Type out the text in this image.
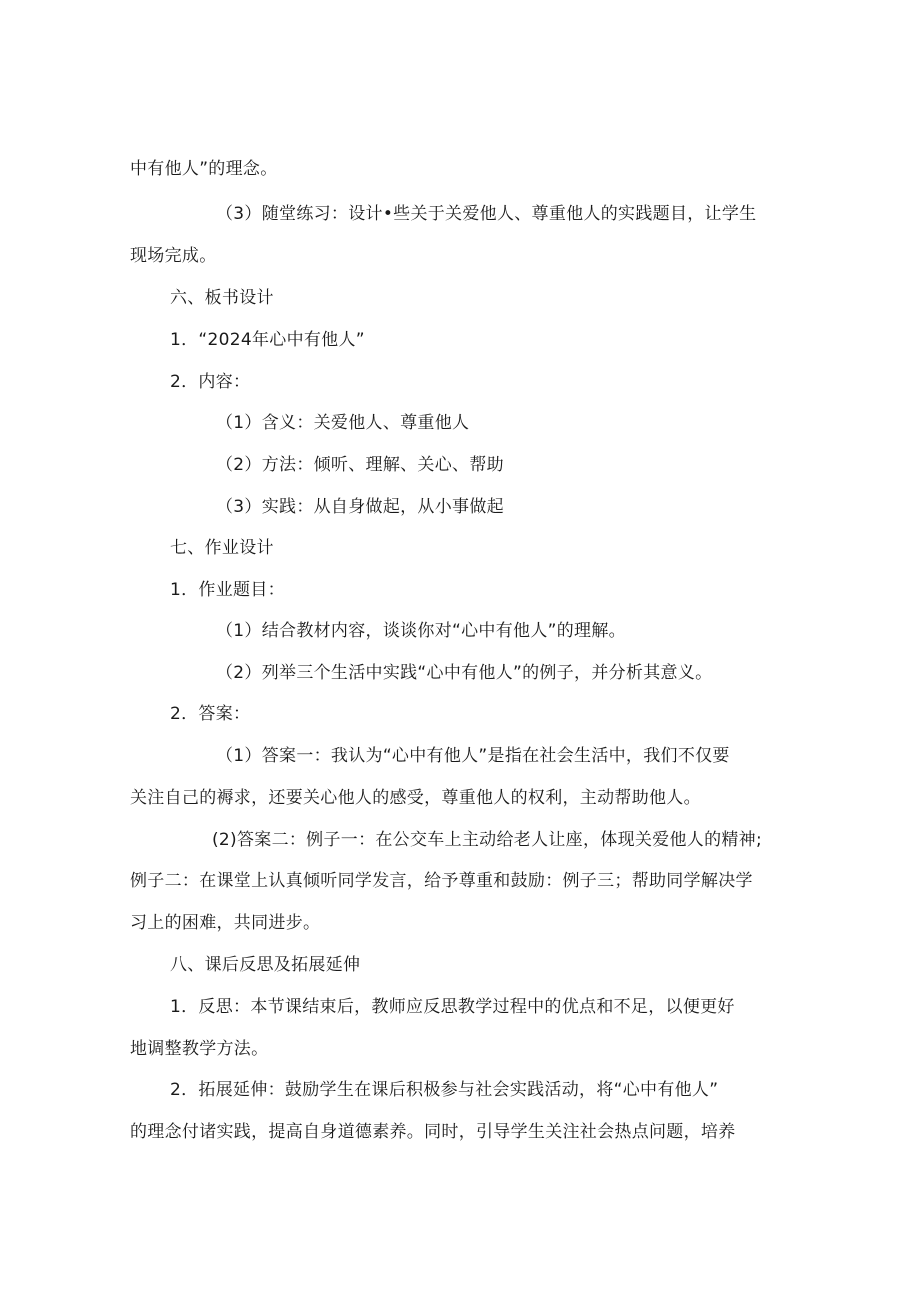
中有他人”的理念。
（3）随堂练习：设计•些关于关爱他人、尊重他人的实践题目，让学生
现场完成。
六、板书设计
1．“2024年心中有他人”
2．内容：
（1）含义：关爱他人、尊重他人
（2）方法：倾听、理解、关心、帮助
（3）实践：从自身做起，从小事做起
七、作业设计
1．作业题目：
（1）结合教材内容，谈谈你对“心中有他人”的理解。
（2）列举三个生活中实践“心中有他人”的例子，并分析其意义。
2．答案：
（1）答案一：我认为“心中有他人”是指在社会生活中，我们不仅要
关注自己的褥求，还要关心他人的感受，尊重他人的权利，主动帮助他人。
(2)答案二：例子一：在公交车上主动给老人让座，体现关爱他人的精神;
例子二：在课堂上认真倾听同学发言，给予尊重和鼓励：例子三；帮助同学解决学
习上的困难，共同进步。
八、课后反思及拓展延伸
1．反思：本节课结束后，教师应反思教学过程中的优点和不足，以便更好
地调整教学方法。
2．拓展延伸：鼓励学生在课后积极参与社会实践活动，将“心中有他人”
的理念付诸实践，提高自身道德素养。同时，引导学生关注社会热点问题，培养
